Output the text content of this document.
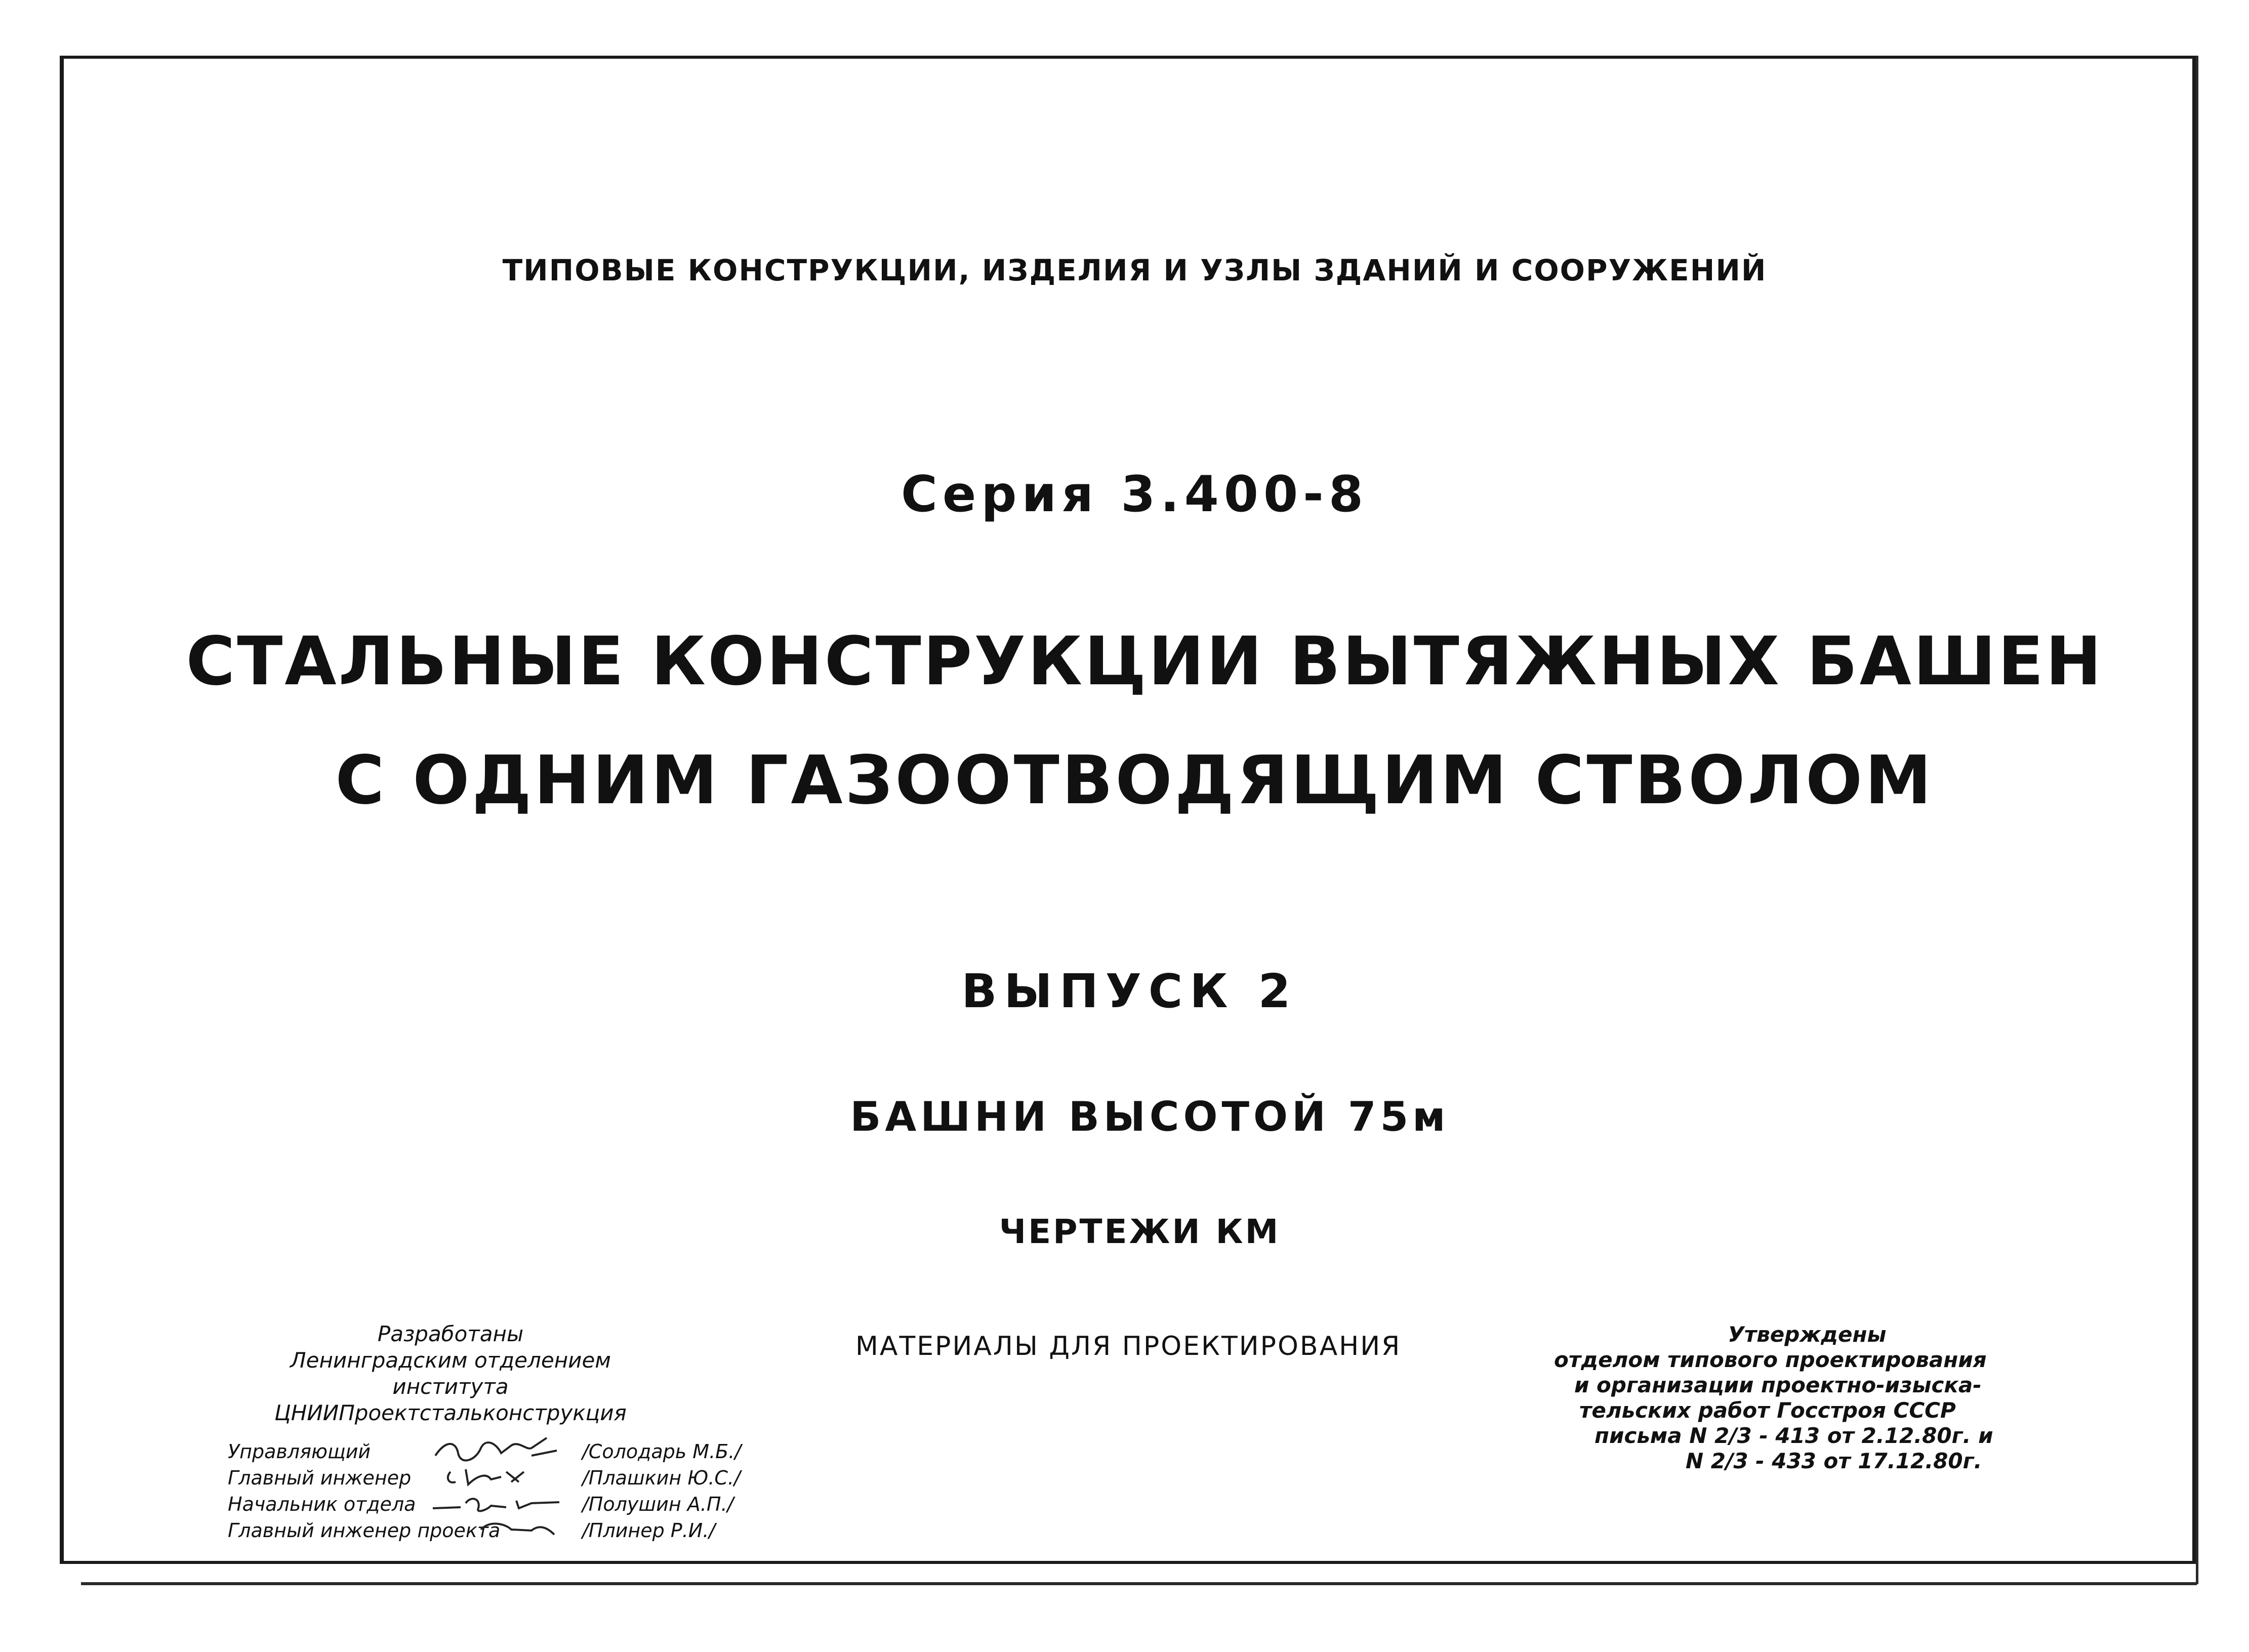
ТИПОВЫЕ КОНСТРУКЦИИ, ИЗДЕЛИЯ И УЗЛЫ ЗДАНИЙ И СООРУЖЕНИЙ
Серия 3.400-8
СТАЛЬНЫЕ КОНСТРУКЦИИ ВЫТЯЖНЫХ БАШЕН
С ОДНИМ ГАЗООТВОДЯЩИМ СТВОЛОМ
ВЫПУСК 2
БАШНИ ВЫСОТОЙ 75м
ЧЕРТЕЖИ КМ
МАТЕРИАЛЫ ДЛЯ ПРОЕКТИРОВАНИЯ
Разработаны
Ленинградским отделением
института
ЦНИИПроектстальконструкция
Управляющий	/Солодарь М.Б./
Главный инженер	/Плашкин Ю.С./
Начальник отдела	/Полушин А.П./
Главный инженер проекта	/Плинер Р.И./
Утверждены
отделом типового проектирования
и организации проектно-изыска-
тельских работ Госстроя СССР
письма N 2/3 - 413 от 2.12.80г. и
N 2/3 - 433 от 17.12.80г.
